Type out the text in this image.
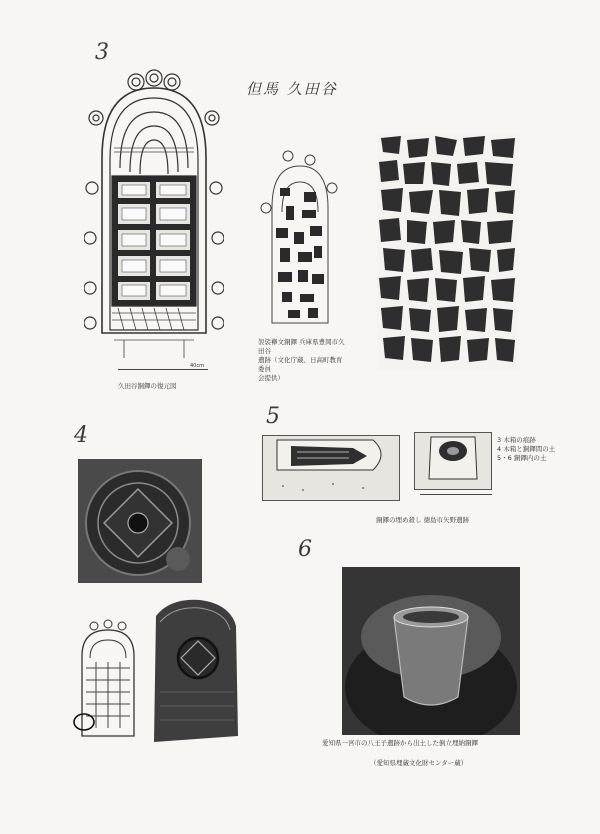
3
4
5
6
但馬 久田谷
40cm
久田谷銅鐸の復元図
袈裟襷文銅鐸 兵庫県豊岡市久田谷
遺跡（文化庁蔵、日高町教育委員
会提供）
3 木箱の痕跡
4 木箱と銅鐸間の土
5・6 銅鐸内の土
銅鐸の埋め殺し 徳島市矢野遺跡
愛知県一宮市の八王子遺跡から出土した倒立埋納銅鐸
（愛知県埋蔵文化財センター蔵）
